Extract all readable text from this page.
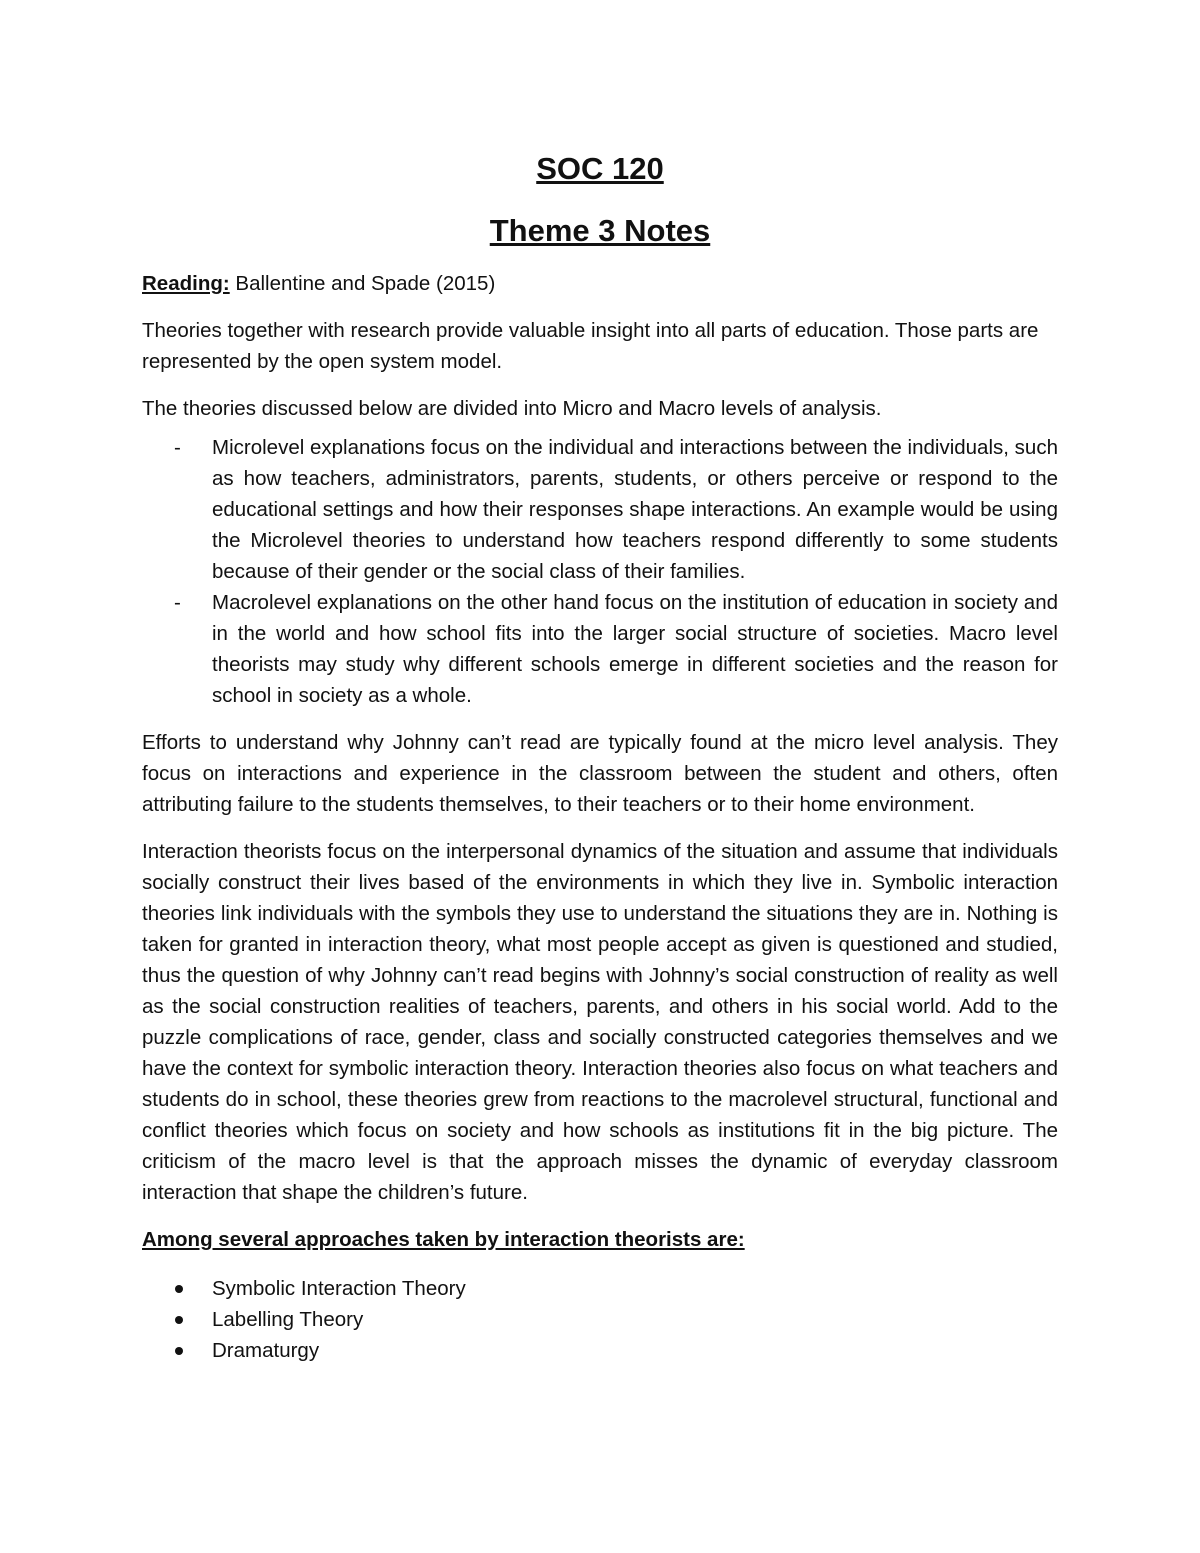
SOC 120
Theme 3 Notes

Reading: Ballentine and Spade (2015)

Theories together with research provide valuable insight into all parts of education. Those parts are represented by the open system model.

The theories discussed below are divided into Micro and Macro levels of analysis.

- Microlevel explanations focus on the individual and interactions between the individuals, such as how teachers, administrators, parents, students, or others perceive or respond to the educational settings and how their responses shape interactions. An example would be using the Microlevel theories to understand how teachers respond differently to some students because of their gender or the social class of their families.
- Macrolevel explanations on the other hand focus on the institution of education in society and in the world and how school fits into the larger social structure of societies. Macro level theorists may study why different schools emerge in different societies and the reason for school in society as a whole.

Efforts to understand why Johnny can’t read are typically found at the micro level analysis. They focus on interactions and experience in the classroom between the student and others, often attributing failure to the students themselves, to their teachers or to their home environment.

Interaction theorists focus on the interpersonal dynamics of the situation and assume that individuals socially construct their lives based of the environments in which they live in. Symbolic interaction theories link individuals with the symbols they use to understand the situations they are in. Nothing is taken for granted in interaction theory, what most people accept as given is questioned and studied, thus the question of why Johnny can’t read begins with Johnny’s social construction of reality as well as the social construction realities of teachers, parents, and others in his social world. Add to the puzzle complications of race, gender, class and socially constructed categories themselves and we have the context for symbolic interaction theory. Interaction theories also focus on what teachers and students do in school, these theories grew from reactions to the macrolevel structural, functional and conflict theories which focus on society and how schools as institutions fit in the big picture. The criticism of the macro level is that the approach misses the dynamic of everyday classroom interaction that shape the children’s future.

Among several approaches taken by interaction theorists are:

Symbolic Interaction Theory
Labelling Theory
Dramaturgy
